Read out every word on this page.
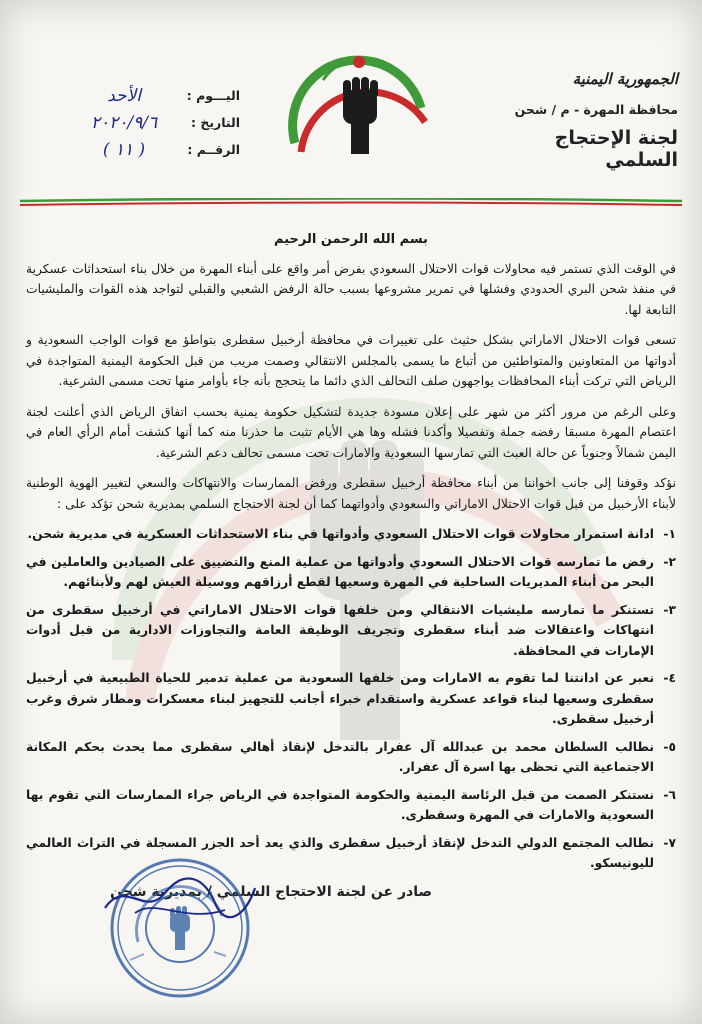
الجمهورية اليمنية
محافظة المهرة - م / شحن
لجنة الإحتجاج السلمي
اليـــوم :
الأحد
التاريخ :
٢٠٢٠/٩/٦
الرقــم :
( ١١ )
بسم الله الرحمن الرحيم

في الوقت الذي تستمر فيه محاولات قوات الاحتلال السعودي بفرض أمر واقع على أبناء المهرة من خلال بناء استحداثات عسكرية في منفذ شحن البري الحدودي وفشلها في تمرير مشروعها بسبب حالة الرفض الشعبي والقبلي لتواجد هذه القوات والمليشيات التابعة لها.

تسعى قوات الاحتلال الاماراتي بشكل حثيث على تغييرات في محافظة أرخبيل سقطرى بتواطؤ مع قوات الواجب السعودية و أدواتها من المتعاونين والمتواطئين من أتباع ما يسمى بالمجلس الانتقالي وصمت مريب من قبل الحكومة اليمنية المتواجدة في الرياض التي تركت أبناء المحافظات يواجهون صلف التحالف الذي دائما ما يتحجج بأنه جاء بأوامر منها تحت مسمى الشرعية.

وعلى الرغم من مرور أكثر من شهر على إعلان مسودة جديدة لتشكيل حكومة يمنية بحسب اتفاق الرياض الذي أعلنت لجنة اعتصام المهرة مسبقا رفضه جملة وتفصيلا وأكدنا فشله وها هي الأيام تثبت ما حذرنا منه كما أنها كشفت أمام الرأي العام في اليمن شمالاً وجنوباً عن حالة العبث التي تمارسها السعودية والامارات تحت مسمى تحالف دعم الشرعية.

نؤكد وقوفنا إلى جانب اخواننا من أبناء محافظة أرخبيل سقطرى ورفض الممارسات والانتهاكات والسعي لتغيير الهوية الوطنية لأبناء الأرخبيل من قبل قوات الاحتلال الاماراتي والسعودي وأدواتهما كما أن لجنة الاحتجاج السلمي بمديرية شحن تؤكد على :

١-
ادانة استمرار محاولات قوات الاحتلال السعودي وأدواتها في بناء الاستحداثات العسكرية في مديرية شحن.
٢-
رفض ما تمارسه قوات الاحتلال السعودي وأدواتها من عملية المنع والتضييق على الصيادين والعاملين في البحر من أبناء المديريات الساحلية في المهرة وسعيها لقطع أرزاقهم ووسيلة العيش لهم ولأبنائهم.
٣-
تستنكر ما تمارسه مليشيات الانتقالي ومن خلفها قوات الاحتلال الاماراتي في أرخبيل سقطرى من انتهاكات واعتقالات ضد أبناء سقطرى وتجريف الوظيفة العامة والتجاوزات الادارية من قبل أدوات الإمارات في المحافظة.
٤-
نعبر عن ادانتنا لما تقوم به الامارات ومن خلفها السعودية من عملية تدمير للحياة الطبيعية في أرخبيل سقطرى وسعيها لبناء قواعد عسكرية واستقدام خبراء أجانب للتجهيز لبناء معسكرات ومطار شرق وغرب أرخبيل سقطرى.
٥-
نطالب السلطان محمد بن عبدالله آل عفرار بالتدخل لإنقاذ أهالي سقطرى مما يحدث بحكم المكانة الاجتماعية التي تحظى بها اسرة آل عفرار.
٦-
نستنكر الصمت من قبل الرئاسة اليمنية والحكومة المتواجدة في الرياض جراء الممارسات التي تقوم بها السعودية والامارات في المهرة وسقطرى.
٧-
نطالب المجتمع الدولي التدخل لإنقاذ أرخبيل سقطرى والذي يعد أحد الجزر المسجلة في التراث العالمي لليونيسكو.
صادر عن لجنة الاحتجاج السلمي / بمديرية شحن
